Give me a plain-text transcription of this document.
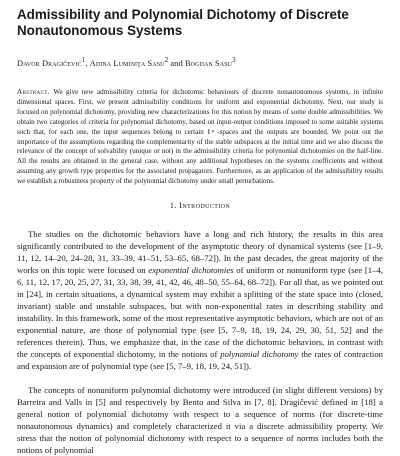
Admissibility and Polynomial Dichotomy of Discrete Nonautonomous Systems
Davor Dragičević$^1$, Adina Luminiţa Sasu$^2$ and Bogdan Sasu$^3$

Abstract. We give new admissibility criteria for dichotomic behaviours of discrete nonautonomous systems, in infinite dimensional spaces. First, we present admissibility conditions for uniform and exponential dichotomy. Next, our study is focused on polynomial dichotomy, providing new characterizations for this notion by means of some double admissibilities. We obtain two categories of criteria for polynomial dichotomy, based on input-output conditions imposed to some suitable systems such that, for each one, the input sequences belong to certain ℓᵖ -spaces and the outputs are bounded. We point out the importance of the assumptions regarding the complementarity of the stable subspaces at the initial time and we also discuss the relevance of the concept of solvability (unique or not) in the admissibility criteria for polynomial dichotomies on the half-line. All the results are obtained in the general case, without any additional hypotheses on the systems coefficients and without assuming any growth type properties for the associated propagators. Furthermore, as an application of the admissibility results we establish a robustness property of the polynomial dichotomy under small perturbations.

1. Introduction

The studies on the dichotomic behaviors have a long and rich history, the results in this area significantly contributed to the development of the asymptotic theory of dynamical systems (see [1–9, 11, 12, 14–20, 24–28, 31, 33–39, 41–51, 53–65, 68–72]). In the past decades, the great majority of the works on this topic were focused on exponential dichotomies of uniform or nonuniform type (see [1–4, 6, 11, 12, 17, 20, 25, 27, 31, 33, 38, 39, 41, 42, 46, 48–50, 55–64, 68–72]). For all that, as we pointed out in [24], in certain situations, a dynamical system may exhibit a splitting of the state space into (closed, invariant) stable and unstable subspaces, but with non-exponential rates in describing stability and instability. In this framework, some of the most representative asymptotic behaviors, which are not of an exponential nature, are those of polynomial type (see [5, 7–9, 18, 19, 24, 29, 30, 51, 52] and the references therein). Thus, we emphasize that, in the case of the dichotomic behaviors, in contrast with the concepts of exponential dichotomy, in the notions of polynomial dichotomy the rates of contraction and expansion are of polynomial type (see [5, 7–9, 18, 19, 24, 51]).

The concepts of nonuniform polynomial dichotomy were introduced (in slight different versions) by Barreira and Valls in [5] and respectively by Bento and Silva in [7, 8]. Dragičević defined in [18] a general notion of polynomial dichotomy with respect to a sequence of norms (for discrete-time nonautonomous dynamics) and completely characterized it via a discrete admissibility property. We stress that the notion of polynomial dichotomy with respect to a sequence of norms includes both the notions of polynomial
